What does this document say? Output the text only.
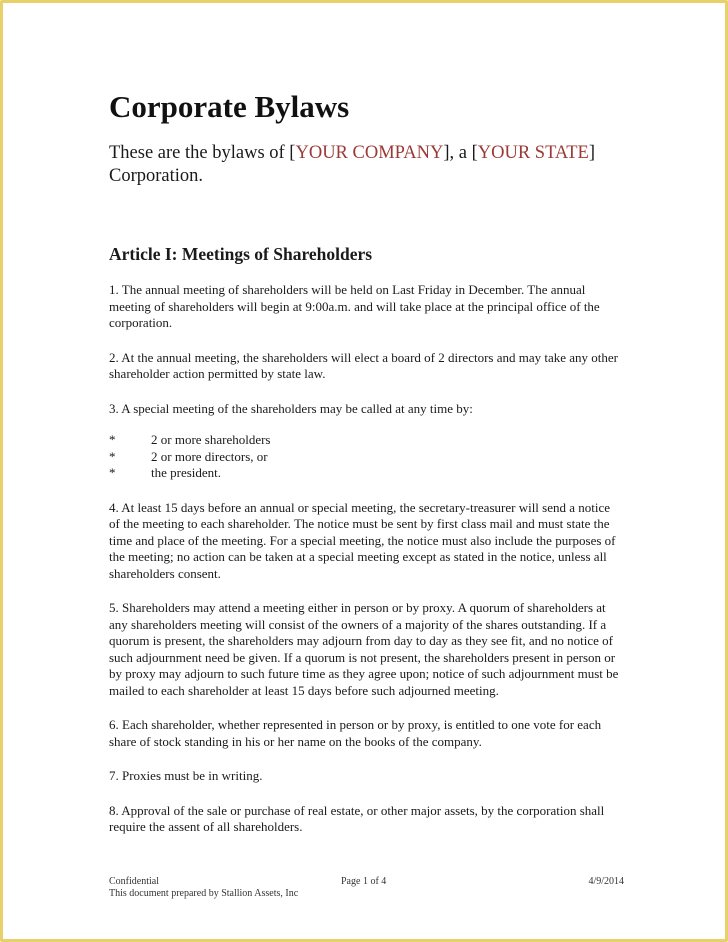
Corporate Bylaws
These are the bylaws of [YOUR COMPANY], a [YOUR STATE] Corporation.
Article I: Meetings of Shareholders

1. The annual meeting of shareholders will be held on Last Friday in December. The annual meeting of shareholders will begin at 9:00a.m. and will take place at the principal office of the corporation.

2. At the annual meeting, the shareholders will elect a board of 2 directors and may take any other shareholder action permitted by state law.

3. A special meeting of the shareholders may be called at any time by:

*	2 or more shareholders
*	2 or more directors, or
*	the president.

4. At least 15 days before an annual or special meeting, the secretary-treasurer will send a notice of the meeting to each shareholder. The notice must be sent by first class mail and must state the time and place of the meeting. For a special meeting, the notice must also include the purposes of the meeting; no action can be taken at a special meeting except as stated in the notice, unless all shareholders consent.

5. Shareholders may attend a meeting either in person or by proxy. A quorum of shareholders at any shareholders meeting will consist of the owners of a majority of the shares outstanding. If a quorum is present, the shareholders may adjourn from day to day as they see fit, and no notice of such adjournment need be given. If a quorum is not present, the shareholders present in person or by proxy may adjourn to such future time as they agree upon; notice of such adjournment must be mailed to each shareholder at least 15 days before such adjourned meeting.

6. Each shareholder, whether represented in person or by proxy, is entitled to one vote for each share of stock standing in his or her name on the books of the company.

7. Proxies must be in writing.

8. Approval of the sale or purchase of real estate, or other major assets, by the corporation shall require the assent of all shareholders.

Confidential	Page 1 of 4	4/9/2014
This document prepared by Stallion Assets, Inc
